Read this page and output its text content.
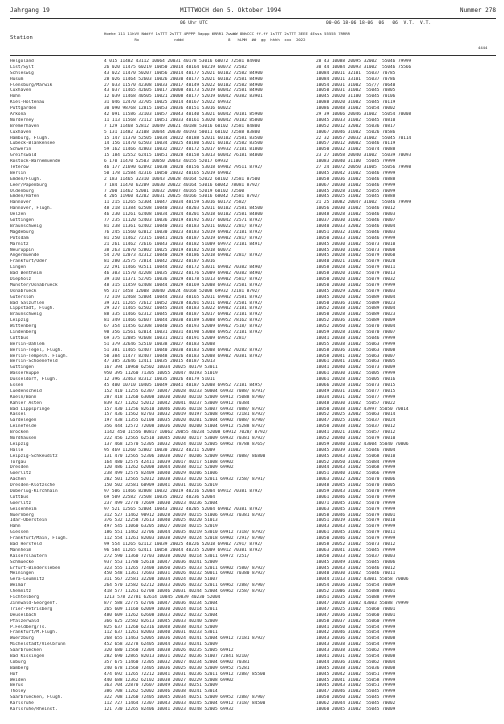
Jahrgang 19	MITTWOCH den 5. Oktober 1994	Nummer 278
06 Uhr UTC	00-06 18-06 18-06  06   06  V.T.  V.T.
Station
Hoehe 111 11hVV Nddff 1sTTT 2sTTT 4PPPP 5appp 6RRR1 7wwWW 8NhCCC ff-ff 1sTTT 2sTTT 3EEE 4Esss 55555 7RRRR
Rx               nddd                   8   hLMH  ##  gg  hhhh  xxx  2022
4444
Helgoland	4 015 11482 43112 10064 20031 40178 53016 60072 72581 84900	28 43 10088 20095 32002  55046 79999
List/Sylt	26 020 11475 60219 10050 20014 40164 60219 60072 72582	30 44 10084 20093 31002  55046 75566
Schleswig	43 022 11470 50207 10056 20014 40177 52021 60102 72582 84900	10084 20011 32101  55037 70785
Husum	28 026 11464 52603 10026 20030 40177 52021 60102 72581 84900	10084 20011 33101  55037 70786
Flensburg/Marwik	27 033 11570 42308 10033 20017 40149 52022 60102 72582 84900	10054 20031 31002  55/// 70640
Cuxhaven	43 037 11465 42605 10017 20008 40173 52019 60042 72581 84900	10050 20031 31002  55045 70805
Hohn	12 039 11468 40505 10021 20008 40177 52019 60042 70382 83901	10045 20020 31100  55045 70106
Kiel-Holtenau	31 046 12470 32705 10025 20014 40167 52022 69932	10088 20020 31002  55045 70119
Puttgarden	30 090 98768 12815 10053 20036 40151 53016 60022	10086 20048 31002  55054 70002
Arkona	42 091 11586 32103 10057 20043 40140 53021 60042 70181 85900	29 39 10066 20046 31002  55054 70008
Norderney	11 113 11568 72112 10051 20033 40161 53020 60042 70182 85800	10045 20033 31002  55045 70810
Bremerhaven	7 129 11468 52812 10049 20021 40188 53016 60102 72581 84800	10052 20012 32002  55036 70817
Cuxhaven	5 131 11482 32108 10044 20030 40193 50011 60102 72588 83800	10067 20046 31002  55026 70586
Hamburg, Flugh.	15 147 11370 52505 10034 20022 40188 52011 60102 72581 83500	22 32 10057 20032 31002  55045 70114
Lubeck-Blankensee	14 156 11470 62503 10034 20025 40180 53021 60102 72582 83500	10057 20012 30002  55046 70119
Schwerin	59 162 11466 42803 10032 20027 40172 52017 69932 72181 81800	10050 20032 31002  55074 70088
Greifswald	15 184 12552 62415 10051 20028 40158 53013 60042 76181 84800	23 27 10058 20040 31002  55039 70093
Rostock-Warnemuende	6 170 11470 52503 10050 20043 40155 52017 69932	10083 20040 31100  55045 79999
Teterow	46 177 21690 62092 10038 20020 40156 53018 69902 79511 8792/	27 24 10072 20050 31005  55056 79998
Berlin	50 178 12584 42316 10050 20032 40165 52019 69902	10045 20042 31002  55046 79999
Emden/Flugh.	2 183 11465 32310 10043 20028 40164 52022 60102 72581 87500	10058 20036 31002  55046 70888
Leer/Papenburg	7 184 11470 62209 10030 20022 40164 53016 60042 78081 8792/	10067 20030 31002  55046 79999
Oldenburg	7 200 11462 52001 10032 20007 40165 52019 60102 72500	10045 20028 31002  55055 70099
Emden/Hafen	4 205 11960 42202 10031 20025 40166 53016 60042 72581 8792/	10045 20025 31002  55045 70888
Hannover	11 215 11265 52304 10047 20034 40159 53016 60172 7582/	21 25 10082 20047 31002  55046 79999
Hannover, Flugh.	48 218 11384 62508 10040 20033 40203 52011 60102 72581 84500	10056 20030 31002  55046 70012
Uelzen	46 230 11261 62408 10034 20024 40201 52018 60102 72581 84800	10048 20028 31002  55046 70003
Gottingen	77 235 11120 52403 10036 20019 40192 53017 60042 72571 8792/	10037 20030 31002  55046 70007
Braunschweig	81 238 11361 62402 10040 20031 40183 52011 60022 7281/ 8792/	10040 20033 32002  55046 70004
Magdeburg	76 245 11560 62012 10030 20023 40183 52019 69902 72181 8792/	10051 20032 31002  55046 70003
Potsdam	81 250 11462 72315 10041 20026 40187 52019 69902 7281/ 8792/	10050 20033 31002  55046 79999
Marnitz	21 261 11462 72616 10043 20033 40182 51009 69972 72181 8491/	10045 20030 31002  55073 70010
Neuruppin	38 263 12070 52802 10025 20019 40182 52018 60072	10045 20030 31002  55073 70008
Angermuende	54 270 12073 42312 10040 20029 40186 52018 69902 7281/ 8792/	10045 20028 31002  55079 70060
Frankfurt/Oder	81 280 32575 72814 10042 20022 40187 53016	10040 20021 31002  55079 70020
Lingen	22 291 11466 92511 10044 20032 40172 53011 69902 70382 8490/	10058 20028 31002  55079 70011
Bad Bentheim	46 303 11570 42208 10035 20022 40176 52009 69902 70382 8490/	10058 20020 31002  55079 70013
Diepholz	39 310 11371 52705 10036 20029 40178 51013 69902 7581/ 8792/	10050 20020 31002  55079 70032
Munster/Osnabrueck	48 315 11459 62408 10044 20029 40169 52008 69932 72581 8792/	10050 20030 31002  55079 79999
Osnabrueck	95 317 1458 12008 10040 20024 40168 52008 69932 72181 8792/	10045 20029 32002  55079 70003
Gutersloh	72 319 12468 52004 10044 20033 40165 52011 69902 72581 8792/	10045 20020 31002  55089 70004
Bad Salzuflen	39 321 11265 72612 10052 20028 40201 52011 69902 72581 8792/	10050 20036 31002  55089 70023
Lippstadt, Flugh.	29 327 11465 62502 10045 20034 40183 53022 69902 72181 8792/	10052 20038 31002  55089 70004
Braunschweig	88 335 11466 62312 10045 20030 40187 52017 69902 72181 8792/	10050 20028 31002  55089 70023
Leipzig	81 349 11466 62607 10044 20030 40189 53008 69952 78162 8792/	10052 20036 31002  55089 70009
Wittenberg	67 354 11456 62308 10040 20035 40193 52009 69962 7518/ 8792/	10052 20050 31002  55070 70004
Lindenberg	98 356 12561 62014 10031 20031 40190 53008 69952 72181 8792/	10059 20028 31002  55070 70007
Cottbus	69 375 12085 92608 10031 20021 40191 52009 69952 7281/	10041 20038 31002  55046 79999
Berlin-Dahlem	51 379 32646 52510 10038 20027 40183 52008	10055 20038 31002  55063 79999
Berlin-Tegel, Flugh.	51 381 11465 62407 10040 20030 40183 52008 69902 70282 8792/	10058 20036 31002  55063 70008
Berlin-Tempelh. Flugh.	50 384 11477 82407 10048 20026 40183 52008 69902 70381 8792/	10058 20041 31002  55063 70007
Berlin-Schoenefeld	47 385 32646 12411 10035 20015 40187 52013	10061 20041 31002  55063 70005
Guttingen	167 394 10960 62502 10034 20025 40179 53011	10041 20040 31002  55073 70009
Wasserkuppe	950 395 11260 71305 10055 20047 40193 51019	10061 20030 31002  55005 79999
Dusseldorf, Flugh.	12 396 32463 82312 10035 20026 40179 51011	10061 20028 31002  55005 70016
Essen	45 400 10710 10405 10049 20041 40187 52008 69952 72181 8495/	10066 20028 31002  55073 70015
Luedenscheid	152 410 11255 62307 10047 20028 40233 50004 69932 7088/ 8791/	10049 20031 31002  55077 70015
Koeln/Bonn	287 418 11260 63008 10030 20030 40210 52009 69912 75088 8790/	10034 20031 31002  55077 79999
Kahler Asten	839 427 11262 52012 10042 20041 40237 53009 69912 70384	10048 20030 31002  55057 70022
Bad Lippspringe	157 430 11256 82610 10046 20036 40218 53007 69932 7088/ 8792/	10050 20038 31002 43997 55050 70014
Kassel	157 436 11562 82703 10032 20019 40197 52008 69962 72181 8792/	10052 20025 32002  55063 70014
Gardelegen	197 438 11355 62108 10035 20020 40201 52004 69902 7088/ 8790/	10047 20025 31002  55037 70024
Leinefelde	356 444 12572 72008 10036 20020 40200 51004 69912 75288 8792/	10050 20038 31002  55037 70012
Brocken	1142 450 11556 80817 10062 20055 40234 52008 69912 7028/ 8792/	10041 20021 31002  55057 70012
Nordhausen	222 456 12565 62510 10045 20030 40217 53009 69932 70381 8792/	10052 20040 31002  55079 70010
Leipzig	137 468 12570 52305 10032 20024 40210 52005 69962 78788 8765/	10059 20040 31002 43004 55040 70006
Halle	95 469 11260 52802 10030 20022 40211 52009	10045 20039 31002  55046 70004
Leipzig-Schkeuditz	131 470 12565 52306 10038 20027 40206 52009 69902 7088/ 86800	10045 20043 31002  55068 70010
Torgau	164 480 12575 42411 10039 20017 40217 51008 69902	10052 20050 31002  55084 79999
Dresden	120 486 11262 62008 10044 20038 40212 52009 69902	10044 20043 31002  55068 79999
Goerlitz	238 499 12575 82409 10040 20029 40206 51006	10051 20040 31002  55066 79999
Aachen	202 501 12565 52012 10038 20033 40220 52011 69932 7258/ 8791/	10063 20032 32002  55070 70006
Dresden-Klotzsche	150 502 32581 60909 10041 20031 40216 52019	10048 20045 31002  55070 70005
Doberlug-Kirchhain	97 506 11466 82808 10032 20019 40216 52004 69912 70381 8792/	10059 20043 31002  55070 79999
Cottbus	69 509 22582 72508 10035 20022 40236 52004	10061 20046 31002  55070 79999
Goerlitz	237 499 22770 72609 10030 20023 40236 52004	10071 20045 31002  55070 79999
Geisenheim	97 521 12565 52004 10043 20032 40205 52004 69902 70381 8792/	10063 20045 31002  55079 79999
Nuernberg	312 527 11462 90912 10028 20019 40215 51006 69932 70381 8792/	10058 20046 31002  55079 70001
Idar-Oberstein	376 532 12258 72613 10040 20025 40220 51013	10051 20019 31002  55079 70010
Hahn	497 545 11060 63205 10027 20018 40215 52019	10043 20043 31002  55079 79999
Giessen	186 551 11462 32706 10044 20035 40219 53010 69912 7318/ 8792/	10061 20045 31002  55079 70011
Frankfurt/Main, Flugh.	112 554 11261 82003 10038 20029 40224 52018 69902 7291/ 8790/	10050 20046 31002  55079 79999
Bad Hersfeld	99 554 11265 62112 10039 20025 40226 52018 69902 7291/ 8792/	10058 20052 31002  55073 70012
Mannheim	96 584 11265 62411 10058 20044 40235 52009 69912 70381 8792/	10063 20041 31002  55045 79999
Kaiserslautern	272 590 11360 72703 10038 20020 40214 53011 69972 7251/	10050 20033 31002  55037 70003
Schmuecke	937 553 11780 52610 10047 20036 40241 52009	10045 20049 31002  55045 70006
Erfurt-Bindersleben	323 555 11265 72408 10050 20035 40233 52011 69902 7580/ 8792/	10045 20043 31002  55046 70012
Meiningen	450 548 11361 72603 10031 20026 40232 50011 69902 70380 8792/	10040 20030 31002  55046 70011
Gera-Leumnitz	311 567 22581 32208 10034 20024 40230 51007	10044 21013 31002 43001 55058 70006
Weimar	264 570 12582 62212 10033 20026 40232 52011 69962 7288/ 8790/	10054 20036 31002  55054 70009
Chemnitz	418 577 11261 62708 10046 20031 40244 52004 69962 7258/ 8792/	10052 21006 31002  55088 70001
Fichtelberg	1213 578 22781 62614 10045 20039 40230 52004	10051 20035 31002  55088 79999
Zinnwald-Georgenf.	877 588 22775 62706 10047 20036 40234 52004	10047 20028 31002 43003 55088 79999
Trier-Petrisberg	265 609 11160 62009 10030 20024 40214 52011	10047 20025 31002  55060 70001
Deuselbach	480 609 11262 62608 10033 20022 40232 52004	10047 20036 31002  55060 70001
Pfalzerwald	366 625 22582 82613 10045 20033 40240 52009	10058 20037 31002  55060 79999
P.Feldberg/Ts.	825 637 11260 62316 10048 20038 40243 52009	10041 20050 31002  55054 79999
Frankfurt/M.Flugh.	112 637 11261 82003 10040 20031 40233 53011	10042 20046 31002  55054 79999
Wuerzburg	268 655 11463 52005 10036 20024 40241 52004 69912 72181 8792/	10043 20036 31002  55054 70008
Michelstadt/Vielbrunn	452 658 32278 62405 10044 20033 40241 52009	10043 20038 31002  55054 79999
Saarbruecken	320 680 11560 72304 10038 20026 40235 52005 69912	10043 20038 31002  55062 79999
Bad Kissingen	282 690 12865 82013 10031 20022 40236 51007 72841 8210/	10041 20031 31002  55054 70008
Coburg	357 675 11460 72305 10032 20027 40234 52004 69902 70381	10044 20036 31002  55062 70004
Bamberg	240 678 11560 72405 10036 20025 40230 52009 69952 75281	10045 20038 31002  55036 70008
Hof	474 692 11265 72212 10041 20031 40236 52011 69912 7288/ 85500	10045 20042 31002  55051 79999
Weiden	440 688 12362 62102 10038 20027 40229 52008 69902	10045 20041 31002  55058 79999
Berus	363 704 22870 72607 10049 20033 40251 52009	10045 20043 31002  55051 79999
Tholey	386 708 11262 52002 10046 20038 40241 53014	10047 20046 31002  55045 79999
Saarbruecken, Flugh.	322 708 11260 72405 10045 20034 40251 52009 69952 7288/ 8790/	10050 20050 31002  55045 79999
Karlsruhe	112 727 11464 72307 10043 20033 40245 52004 69912 7318/ 84500	10062 20044 31002  55045 70002
Karlsruhe/Rheinst.	121 730 12265 82406 10041 20023 40248 52005 69932	10060 20045 31002  55045 70009
